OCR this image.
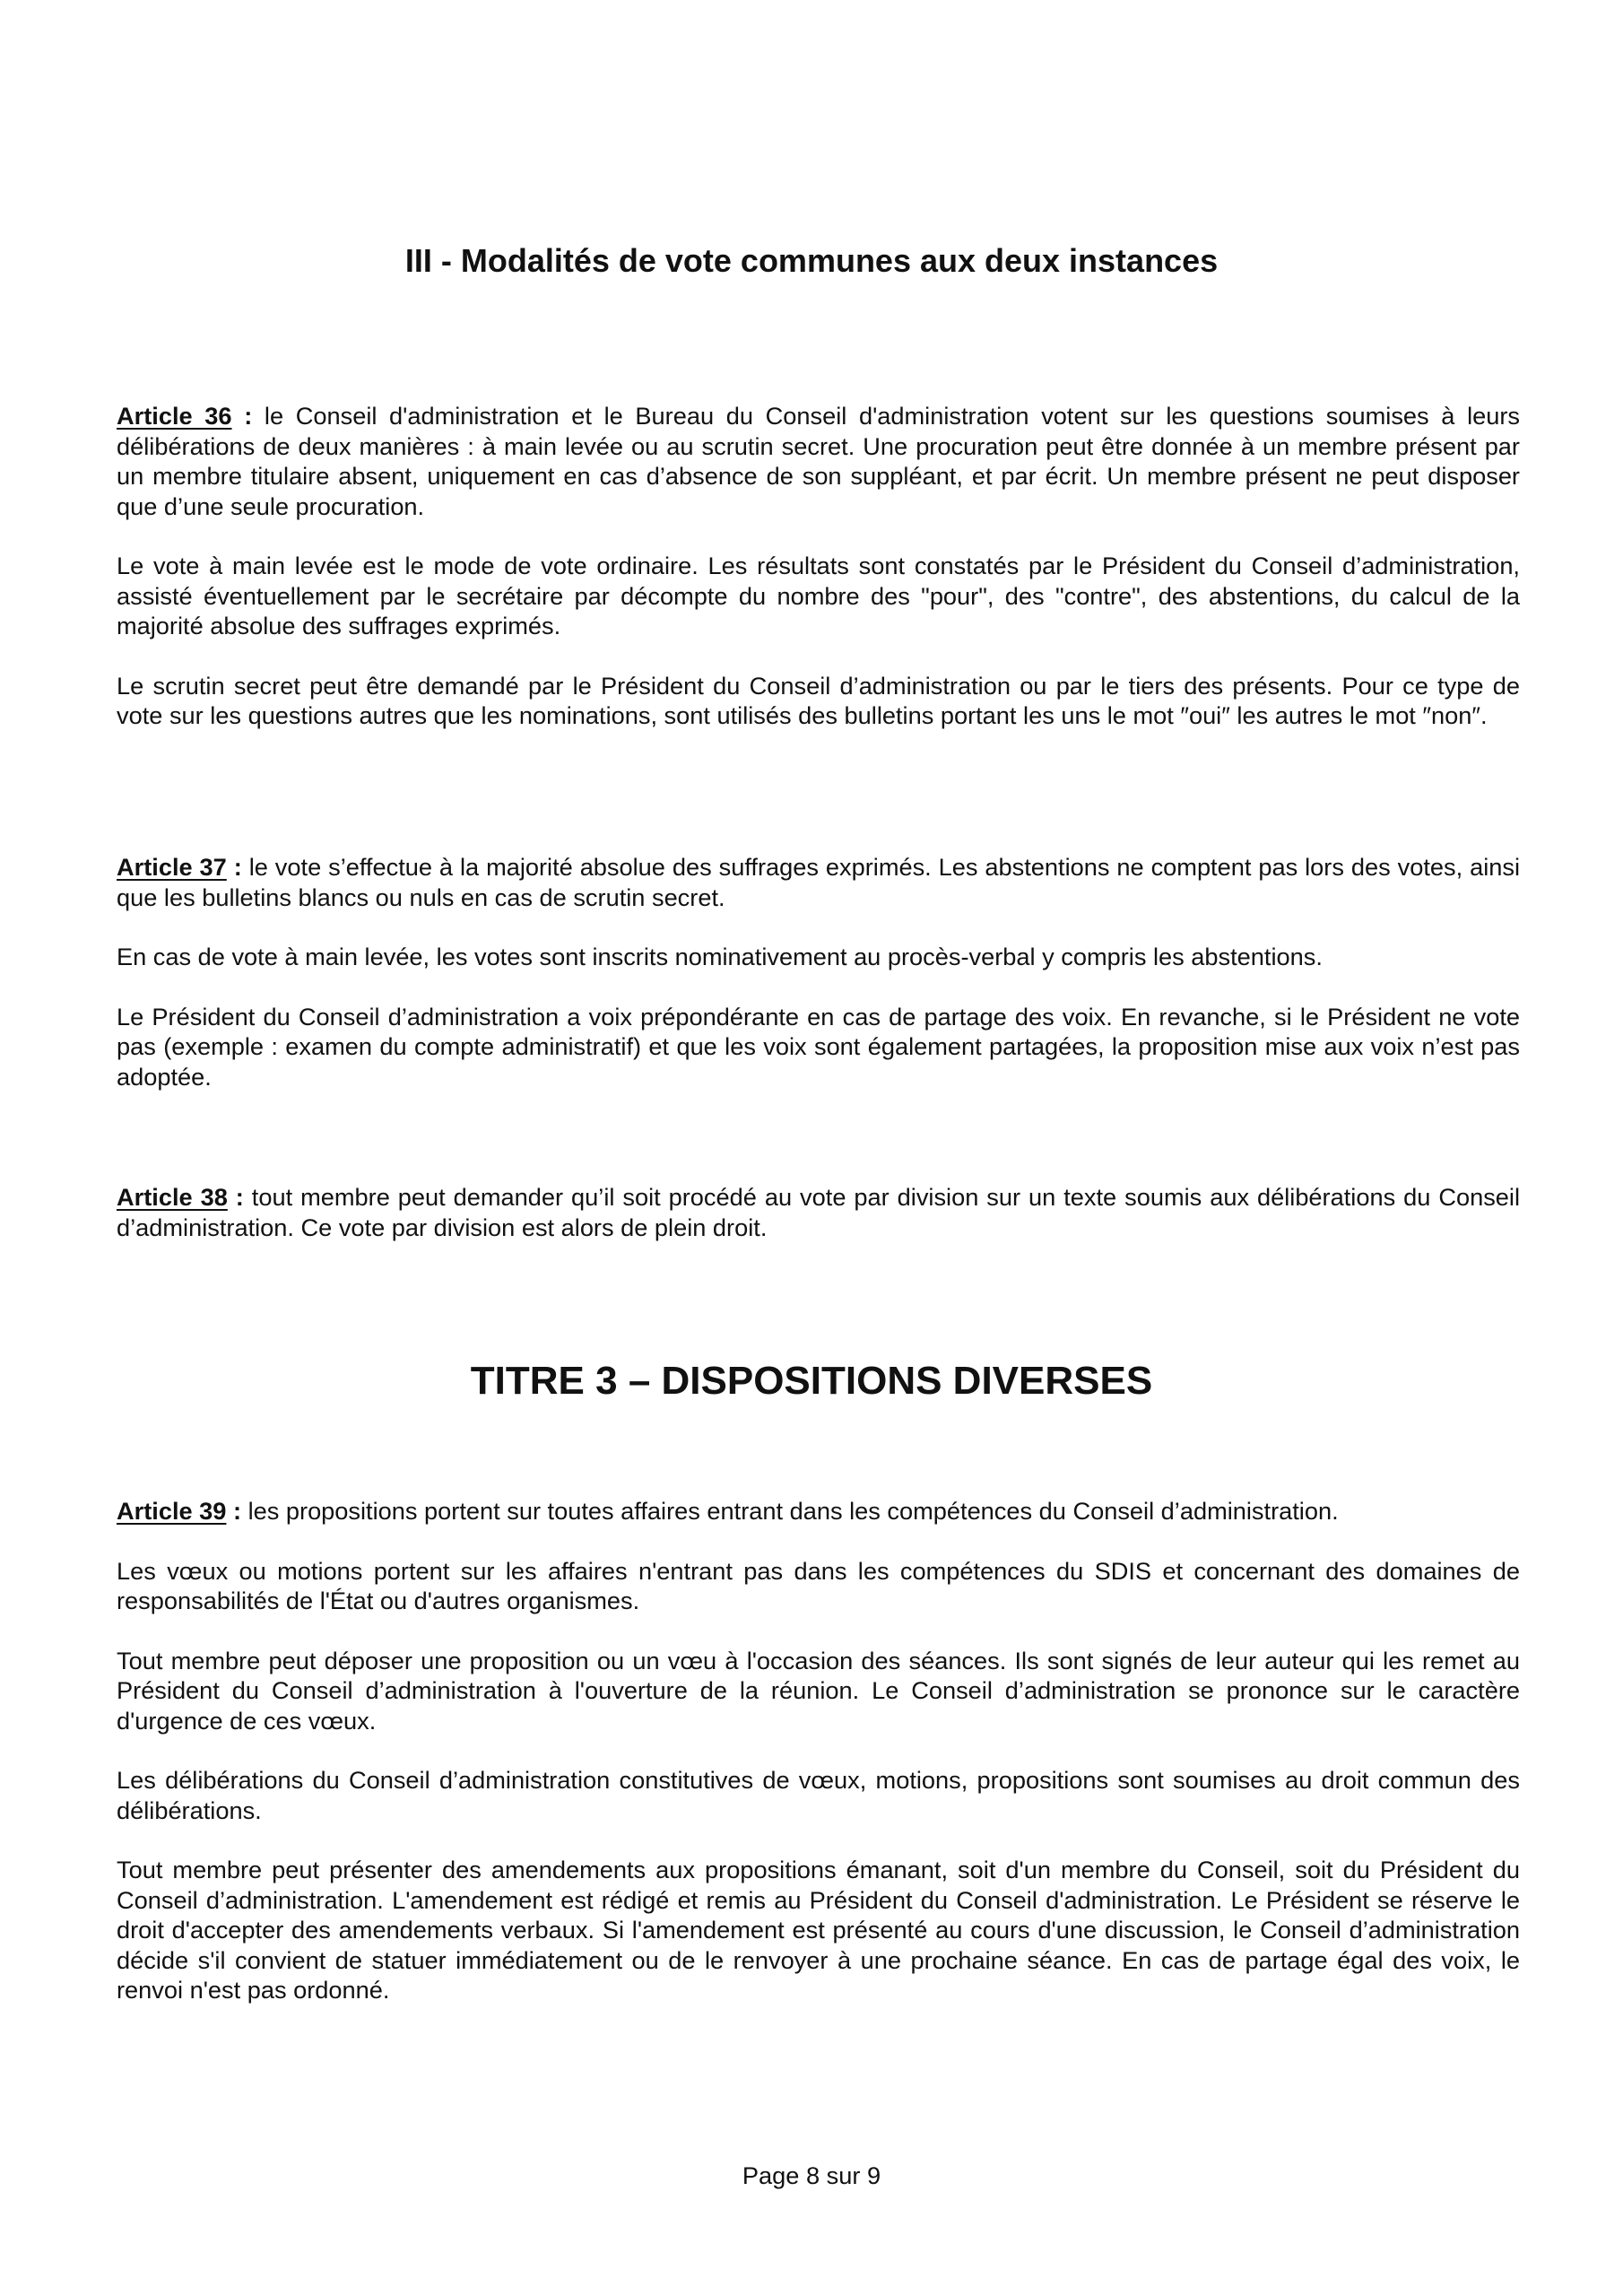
III - Modalités de vote communes aux deux instances

Article 36 : le Conseil d'administration et le Bureau du Conseil d'administration votent sur les questions soumises à leurs délibérations de deux manières : à main levée ou au scrutin secret. Une procuration peut être donnée à un membre présent par un membre titulaire absent, uniquement en cas d’absence de son suppléant, et par écrit. Un membre présent ne peut disposer que d’une seule procuration.

Le vote à main levée est le mode de vote ordinaire. Les résultats sont constatés par le Président du Conseil d’administration, assisté éventuellement par le secrétaire par décompte du nombre des "pour", des "contre", des abstentions, du calcul de la majorité absolue des suffrages exprimés.

Le scrutin secret peut être demandé par le Président du Conseil d’administration ou par le tiers des présents. Pour ce type de vote sur les questions autres que les nominations, sont utilisés des bulletins portant les uns le mot ″oui″ les autres le mot ″non″.

Article 37 : le vote s’effectue à la majorité absolue des suffrages exprimés. Les abstentions ne comptent pas lors des votes, ainsi que les bulletins blancs ou nuls en cas de scrutin secret.

En cas de vote à main levée, les votes sont inscrits nominativement au procès-verbal y compris les abstentions.

Le Président du Conseil d’administration a voix prépondérante en cas de partage des voix. En revanche, si le Président ne vote pas (exemple : examen du compte administratif) et que les voix sont également partagées, la proposition mise aux voix n’est pas adoptée.

Article 38 : tout membre peut demander qu’il soit procédé au vote par division sur un texte soumis aux délibérations du Conseil d’administration. Ce vote par division est alors de plein droit.

TITRE 3 – DISPOSITIONS DIVERSES

Article 39 : les propositions portent sur toutes affaires entrant dans les compétences du Conseil d’administration.

Les vœux ou motions portent sur les affaires n'entrant pas dans les compétences du SDIS et concernant des domaines de responsabilités de l'État ou d'autres organismes.

Tout membre peut déposer une proposition ou un vœu à l'occasion des séances. Ils sont signés de leur auteur qui les remet au Président du Conseil d’administration à l'ouverture de la réunion. Le Conseil d’administration se prononce sur le caractère d'urgence de ces vœux.

Les délibérations du Conseil d’administration constitutives de vœux, motions, propositions sont soumises au droit commun des délibérations.

Tout membre peut présenter des amendements aux propositions émanant, soit d'un membre du Conseil, soit du Président du Conseil d’administration. L'amendement est rédigé et remis au Président du Conseil d'administration. Le Président se réserve le droit d'accepter des amendements verbaux. Si l'amendement est présenté au cours d'une discussion, le Conseil d’administration décide s'il convient de statuer immédiatement ou de le renvoyer à une prochaine séance. En cas de partage égal des voix, le renvoi n'est pas ordonné.

Page 8 sur 9
